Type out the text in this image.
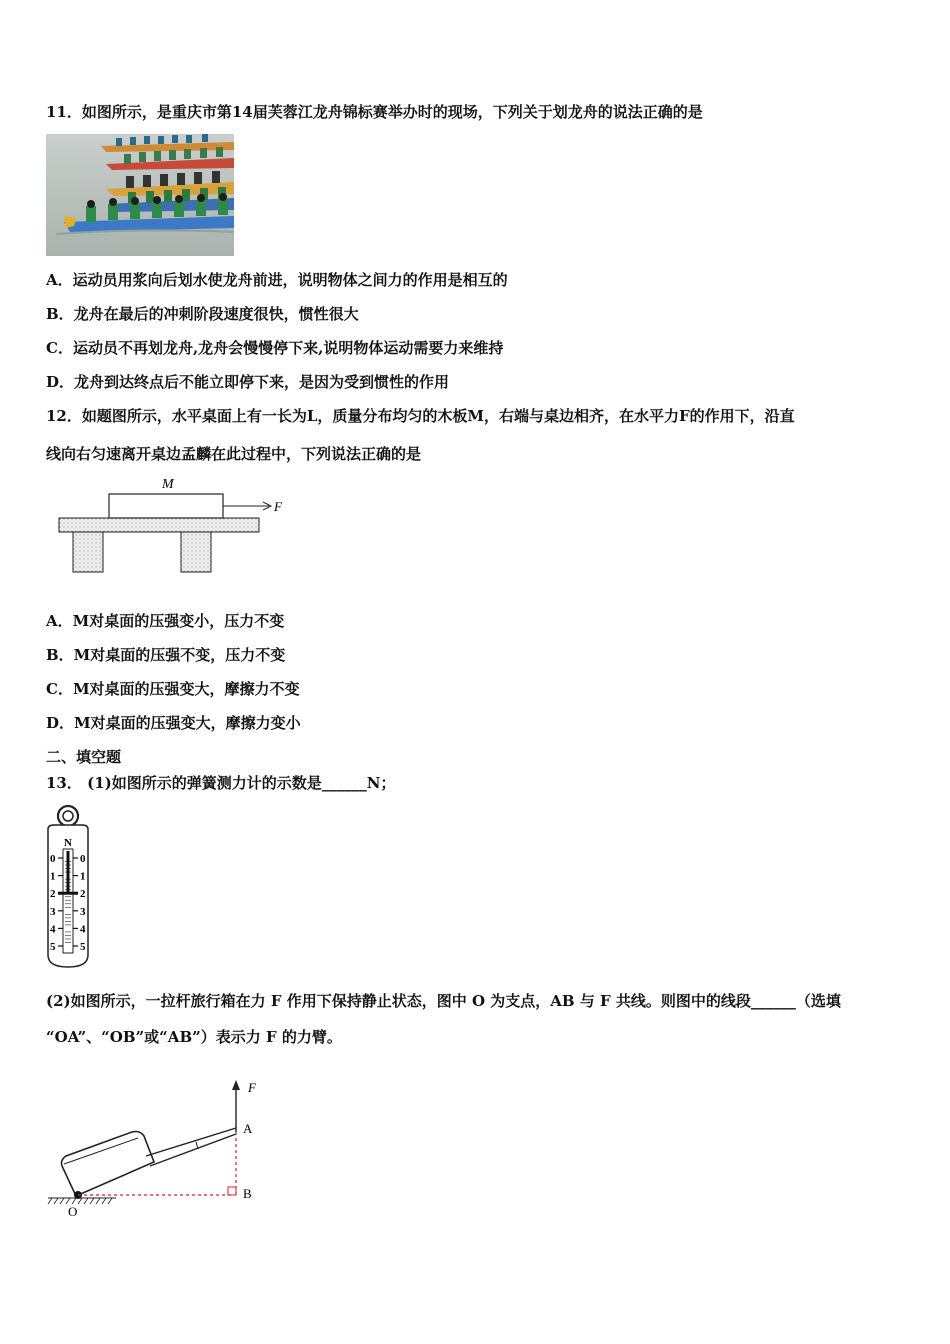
11．如图所示，是重庆市第14届芙蓉江龙舟锦标赛举办时的现场，下列关于划龙舟的说法正确的是
A．运动员用浆向后划水使龙舟前进，说明物体之间力的作用是相互的
B．龙舟在最后的冲刺阶段速度很快，惯性很大
C．运动员不再划龙舟,龙舟会慢慢停下来,说明物体运动需要力来维持
D．龙舟到达终点后不能立即停下来，是因为受到惯性的作用
12．如题图所示，水平桌面上有一长为L，质量分布均匀的木板M，右端与桌边相齐，在水平力F的作用下，沿直
线向右匀速离开桌边孟麟在此过程中，下列说法正确的是
M
F
A．M对桌面的压强变小，压力不变
B．M对桌面的压强不变，压力不变
C．M对桌面的压强变大，摩擦力不变
D．M对桌面的压强变大，摩擦力变小
二、填空题
13． (1)如图所示的弹簧测力计的示数是______N；
N
0 0
1 1
2 2
3 3
4 4
5 5
(2)如图所示，一拉杆旅行箱在力 F 作用下保持静止状态，图中 O 为支点，AB 与 F 共线。则图中的线段______（选填
“OA”、“OB”或“AB”）表示力 F 的力臂。
F
A
B
O
